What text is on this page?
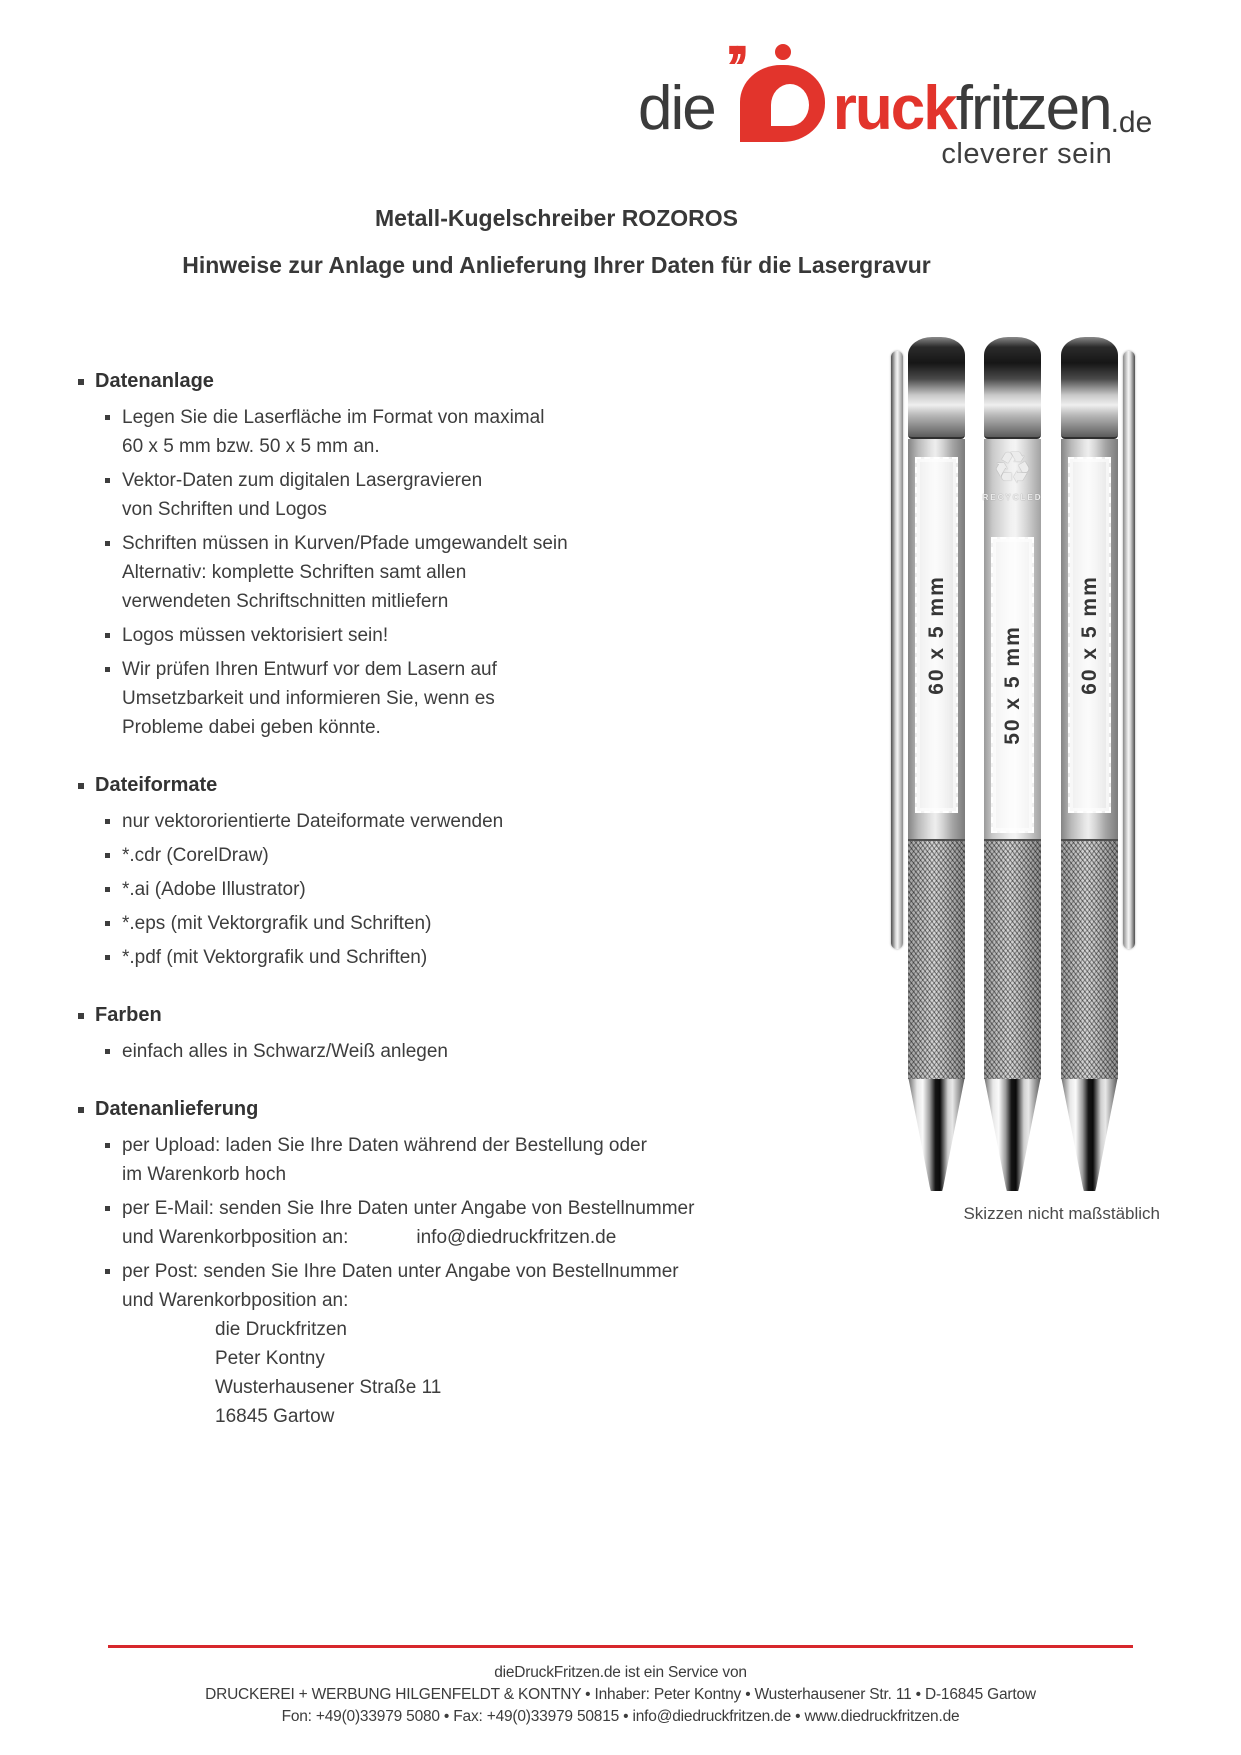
die
’’
ruck fritzen .de
cleverer sein
Metall-Kugelschreiber ROZOROS
Hinweise zur Anlage und Anlieferung Ihrer Daten für die Lasergravur
Datenanlage
Legen Sie die Laserfläche im Format von maximal
60 x 5 mm bzw. 50 x 5 mm an.
Vektor-Daten zum digitalen Lasergravieren
von Schriften und Logos
Schriften müssen in Kurven/Pfade umgewandelt sein
Alternativ: komplette Schriften samt allen
verwendeten Schriftschnitten mitliefern
Logos müssen vektorisiert sein!
Wir prüfen Ihren Entwurf vor dem Lasern auf
Umsetzbarkeit und informieren Sie, wenn es
Probleme dabei geben könnte.
Dateiformate
nur vektororientierte Dateiformate verwenden
*.cdr (CorelDraw)
*.ai (Adobe Illustrator)
*.eps (mit Vektorgrafik und Schriften)
*.pdf (mit Vektorgrafik und Schriften)
Farben
einfach alles in Schwarz/Weiß anlegen
Datenanlieferung
per Upload: laden Sie Ihre Daten während der Bestellung oder
im Warenkorb hoch
per E-Mail: senden Sie Ihre Daten unter Angabe von Bestellnummer
und Warenkorbposition an:	info@diedruckfritzen.de
per Post: senden Sie Ihre Daten unter Angabe von Bestellnummer
und Warenkorbposition an:
die Druckfritzen
Peter Kontny
Wusterhausener Straße 11
16845 Gartow
60 x 5 mm
♻
RECYCLED
50 x 5 mm	60 x 5 mm
Skizzen nicht maßstäblich
dieDruckFritzen.de ist ein Service von
DRUCKEREI + WERBUNG HILGENFELDT & KONTNY • Inhaber: Peter Kontny • Wusterhausener Str. 11 • D-16845 Gartow
Fon: +49(0)33979 5080 • Fax: +49(0)33979 50815 • info@diedruckfritzen.de • www.diedruckfritzen.de
